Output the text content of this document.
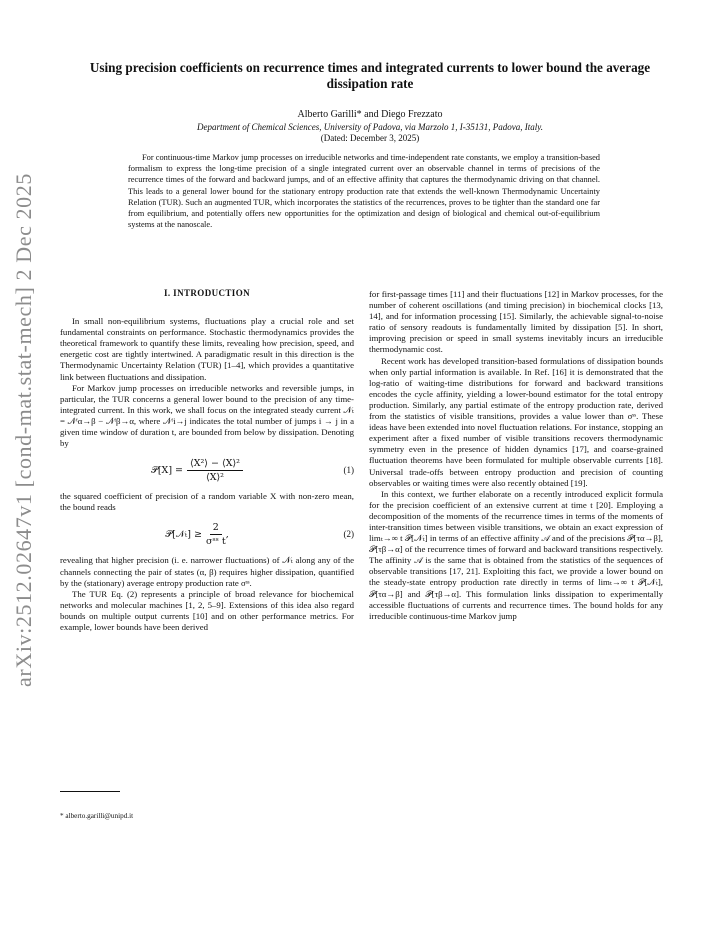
arXiv:2512.02647v1 [cond-mat.stat-mech] 2 Dec 2025
Using precision coefficients on recurrence times and integrated currents to lower bound the average dissipation rate
Alberto Garilli* and Diego Frezzato
Department of Chemical Sciences, University of Padova, via Marzolo 1, I-35131, Padova, Italy.
(Dated: December 3, 2025)

For continuous-time Markov jump processes on irreducible networks and time-independent rate constants, we employ a transition-based formalism to express the long-time precision of a single integrated current over an observable channel in terms of precisions of the recurrence times of the forward and backward jumps, and of an effective affinity that captures the thermodynamic driving on that channel. This leads to a general lower bound for the stationary entropy production rate that extends the well-known Thermodynamic Uncertainty Relation (TUR). Such an augmented TUR, which incorporates the statistics of the recurrences, proves to be tighter than the standard one far from equilibrium, and potentially offers new opportunities for the optimization and design of biological and chemical out-of-equilibrium systems at the nanoscale.

I. INTRODUCTION

In small non-equilibrium systems, fluctuations play a crucial role and set fundamental constraints on performance. Stochastic thermodynamics provides the theoretical framework to quantify these limits, revealing how precision, speed, and energetic cost are tightly intertwined. A paradigmatic result in this direction is the Thermodynamic Uncertainty Relation (TUR) [1–4], which provides a quantitative link between fluctuations and dissipation.

For Markov jump processes on irreducible networks and reversible jumps, in particular, the TUR concerns a general lower bound to the precision of any time-integrated current. In this work, we shall focus on the integrated steady current 𝒩ₜ = 𝒩ᵗα→β − 𝒩ᵗβ→α, where 𝒩ᵗi→j indicates the total number of jumps i → j in a given time window of duration t, are bounded from below by dissipation. Denoting by

𝒫[X] = $\frac{\text{⟨X²⟩ − ⟨X⟩²}}{\text{⟨X⟩²}}$	(1)

the squared coefficient of precision of a random variable X with non-zero mean, the bound reads

𝒫[𝒩ₜ] ≥ $\frac{2}{\text{σˢˢ t}}$ ,	(2)

revealing that higher precision (i. e. narrower fluctuations) of 𝒩ₜ along any of the channels connecting the pair of states (α, β) requires higher dissipation, quantified by the (stationary) average entropy production rate σˢˢ.

The TUR Eq. (2) represents a principle of broad relevance for biochemical networks and molecular machines [1, 2, 5–9]. Extensions of this idea also regard bounds on multiple output currents [10] and on other performance metrics. For example, lower bounds have been derived

* alberto.garilli@unipd.it

for first-passage times [11] and their fluctuations [12] in Markov processes, for the number of coherent oscillations (and timing precision) in biochemical clocks [13, 14], and for information processing [15]. Similarly, the achievable signal-to-noise ratio of sensory readouts is fundamentally limited by dissipation [5]. In short, improving precision or speed in small systems inevitably incurs an irreducible thermodynamic cost.

Recent work has developed transition-based formulations of dissipation bounds when only partial information is available. In Ref. [16] it is demonstrated that the log-ratio of waiting-time distributions for forward and backward transitions encodes the cycle affinity, yielding a lower-bound estimator for the total entropy production. Similarly, any partial estimate of the entropy production rate, derived from the statistics of visible transitions, provides a value lower than σˢˢ. These ideas have been extended into novel fluctuation relations. For instance, stopping an experiment after a fixed number of visible transitions recovers thermodynamic symmetry even in the presence of hidden dynamics [17], and coarse-grained fluctuation theorems have been formulated for multiple observable currents [18]. Universal trade-offs between entropy production and precision of counting observables or waiting times were also recently obtained [19].

In this context, we further elaborate on a recently introduced explicit formula for the precision coefficient of an extensive current at time t [20]. Employing a decomposition of the moments of the recurrence times in terms of the moments of inter-transition times between visible transitions, we obtain an exact expression of limₜ→∞ t 𝒫[𝒩ₜ] in terms of an effective affinity 𝒜 and of the precisions 𝒫[τα→β], 𝒫[τβ→α] of the recurrence times of forward and backward transitions respectively. The affinity 𝒜 is the same that is obtained from the statistics of the sequences of observable transitions [17, 21]. Exploiting this fact, we provide a lower bound on the steady-state entropy production rate directly in terms of limₜ→∞ t 𝒫[𝒩ₜ], 𝒫[τα→β] and 𝒫[τβ→α]. This formulation links dissipation to experimentally accessible fluctuations of currents and recurrence times. The bound holds for any irreducible continuous-time Markov jump
